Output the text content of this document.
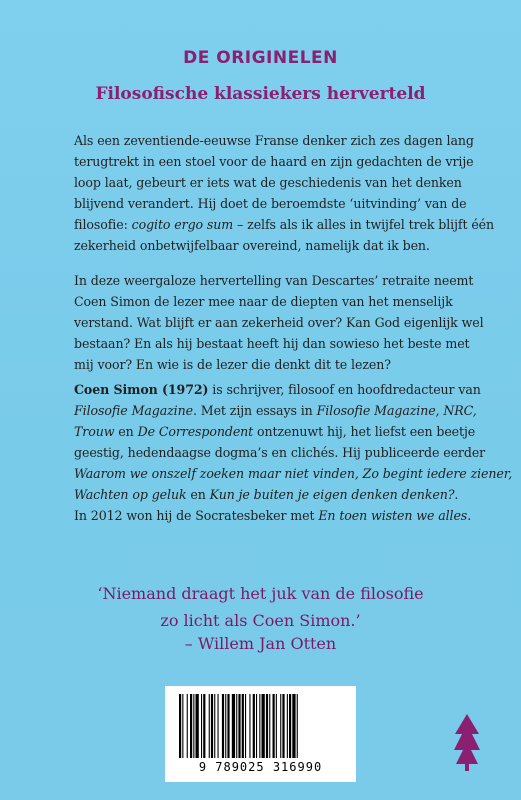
DE ORIGINELEN
Filosofische klassiekers herverteld
Als een zeventiende-eeuwse Franse denker zich zes dagen lang
terugtrekt in een stoel voor de haard en zijn gedachten de vrije
loop laat, gebeurt er iets wat de geschiedenis van het denken
blijvend verandert. Hij doet de beroemdste ‘uitvinding’ van de
filosofie: cogito ergo sum – zelfs als ik alles in twijfel trek blijft één
zekerheid onbetwijfelbaar overeind, namelijk dat ik ben.
In deze weergaloze hervertelling van Descartes’ retraite neemt
Coen Simon de lezer mee naar de diepten van het menselijk
verstand. Wat blijft er aan zekerheid over? Kan God eigenlijk wel
bestaan? En als hij bestaat heeft hij dan sowieso het beste met
mij voor? En wie is de lezer die denkt dit te lezen?
Coen Simon (1972) is schrijver, filosoof en hoofdredacteur van
Filosofie Magazine. Met zijn essays in Filosofie Magazine, NRC,
Trouw en De Correspondent ontzenuwt hij, het liefst een beetje
geestig, hedendaagse dogma’s en clichés. Hij publiceerde eerder
Waarom we onszelf zoeken maar niet vinden, Zo begint iedere ziener,
Wachten op geluk en Kun je buiten je eigen denken denken?.
In 2012 won hij de Socratesbeker met En toen wisten we alles.
‘Niemand draagt het juk van de filosofie
zo licht als Coen Simon.’
– Willem Jan Otten
9 789025 316990
